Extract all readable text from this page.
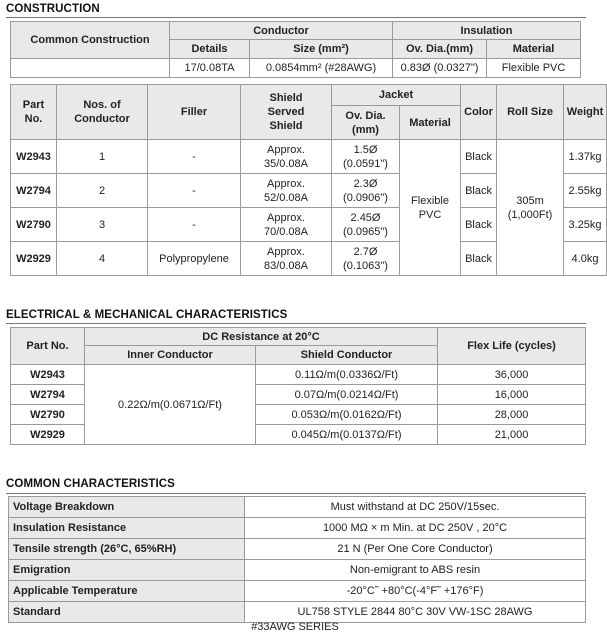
CONSTRUCTION
Common Construction	Conductor		Insulation	
	Details	Size (mm²)	Ov. Dia.(mm)	Material
	17/0.08TA	0.0854mm² (#28AWG)	0.83Ø (0.0327")	Flexible PVC
Part No.	Nos. of Conductor	Filler	Shield Served Shield	Jacket		Color	Roll Size	Weight

				Ov. Dia. (mm)	Material			
W2943	1	-	Approx. 35/0.08A	1.5Ø (0.0591")	Flexible PVC	Black	305m (1,000Ft)	1.37kg
W2794	2	-	Approx. 52/0.08A	2.3Ø (0.0906")		Black		2.55kg
W2790	3	-	Approx. 70/0.08A	2.45Ø (0.0965")		Black		3.25kg
W2929	4	Polypropylene	Approx. 83/0.08A	2.7Ø (0.1063")		Black		4.0kg
ELECTRICAL & MECHANICAL CHARACTERISTICS
Part No.	DC Resistance at 20°C		Flex Life (cycles)
	Inner Conductor	Shield Conductor	
W2943	0.22Ω/m(0.0671Ω/Ft)	0.11Ω/m(0.0336Ω/Ft)	36,000
W2794		0.07Ω/m(0.0214Ω/Ft)	16,000
W2790		0.053Ω/m(0.0162Ω/Ft)	28,000
W2929		0.045Ω/m(0.0137Ω/Ft)	21,000
COMMON CHARACTERISTICS
Voltage Breakdown	Must withstand at DC 250V/15sec.
Insulation Resistance	1000 MΩ × m Min. at DC 250V , 20°C
Tensile strength (26°C, 65%RH)	21 N (Per One Core Conductor)
Emigration	Non-emigrant to ABS resin
Applicable Temperature	-20°C˜ +80°C(-4°F˜ +176°F)
Standard	UL758 STYLE 2844 80°C 30V VW-1SC 28AWG
#33AWG SERIES
